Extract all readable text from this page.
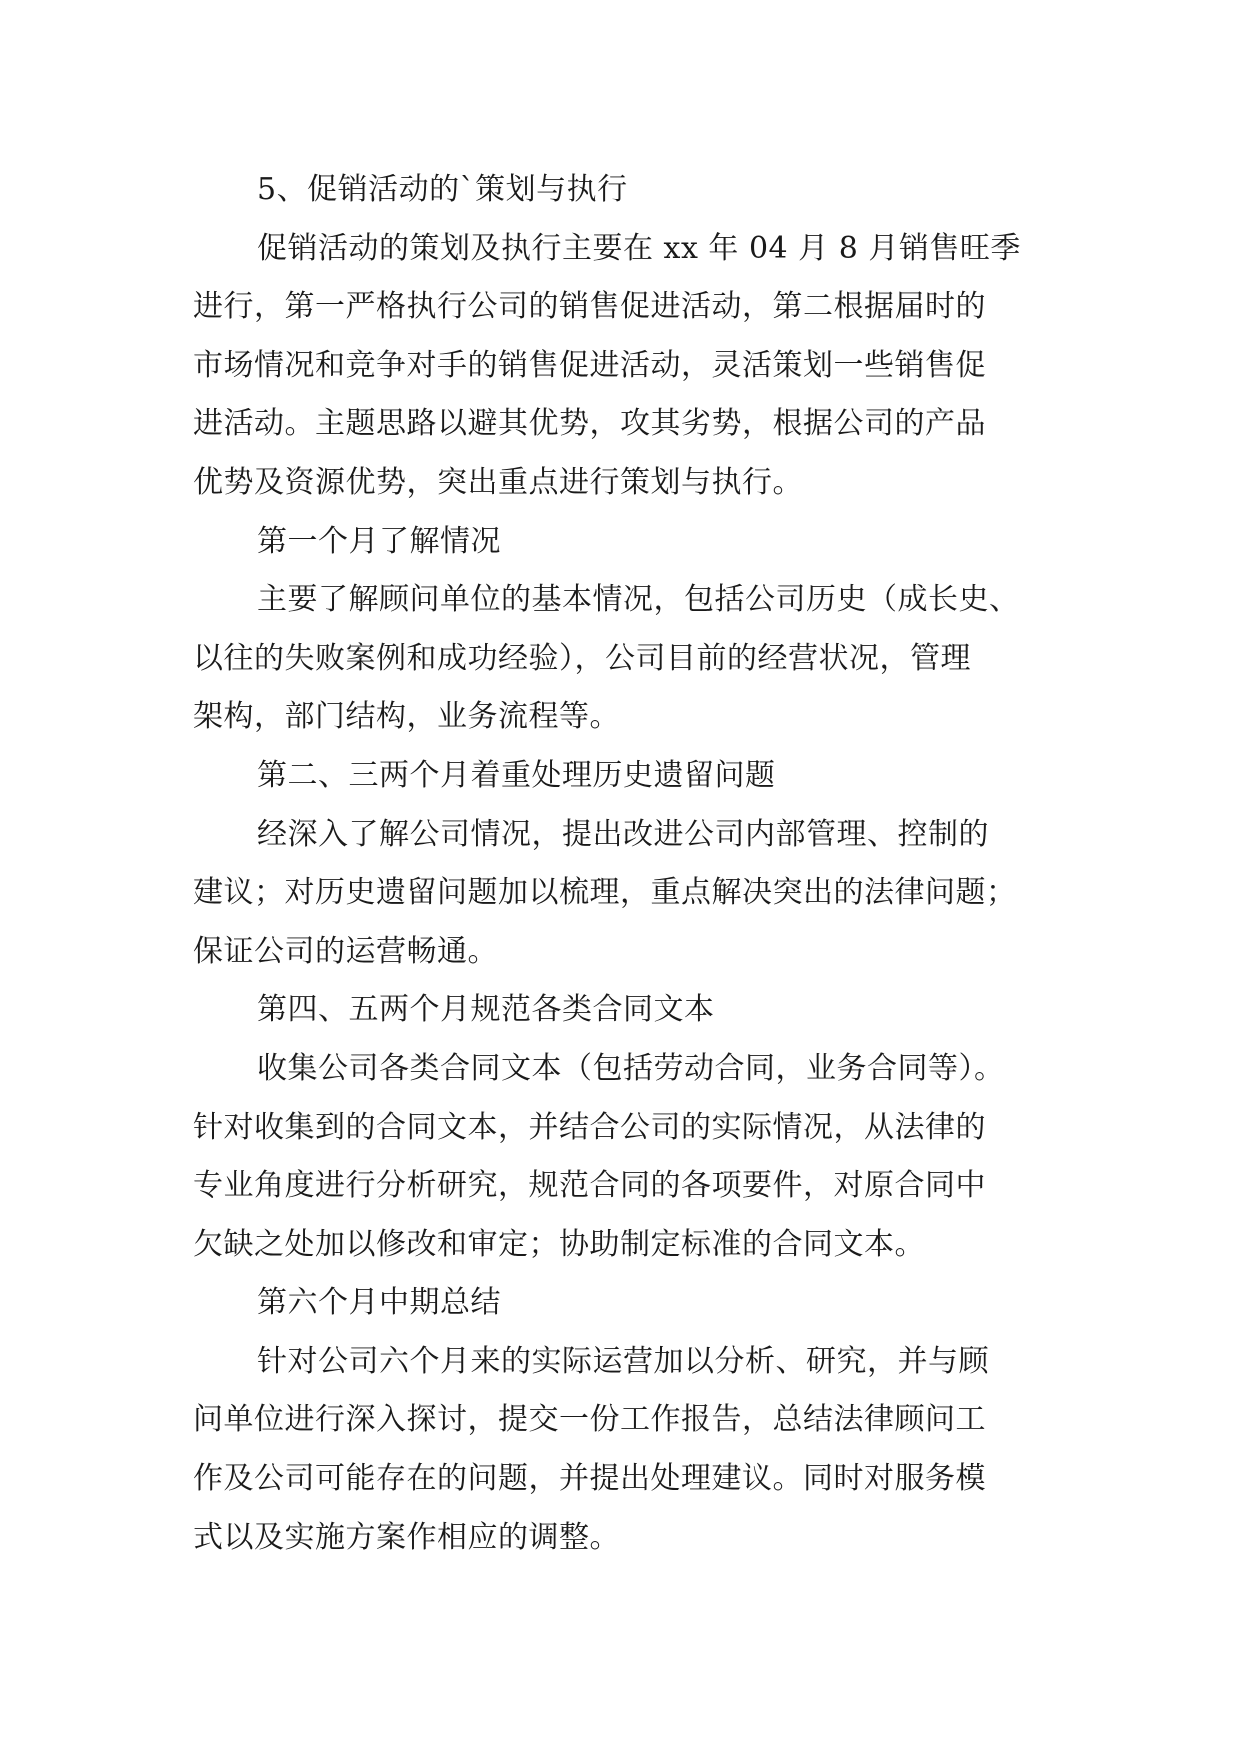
5、促销活动的`策划与执行
促销活动的策划及执行主要在 xx 年 04 月 8 月销售旺季
进行，第一严格执行公司的销售促进活动，第二根据届时的
市场情况和竞争对手的销售促进活动，灵活策划一些销售促
进活动。主题思路以避其优势，攻其劣势，根据公司的产品
优势及资源优势，突出重点进行策划与执行。
第一个月了解情况
主要了解顾问单位的基本情况，包括公司历史（成长史、
以往的失败案例和成功经验），公司目前的经营状况，管理
架构，部门结构，业务流程等。
第二、三两个月着重处理历史遗留问题
经深入了解公司情况，提出改进公司内部管理、控制的
建议；对历史遗留问题加以梳理，重点解决突出的法律问题；
保证公司的运营畅通。
第四、五两个月规范各类合同文本
收集公司各类合同文本（包括劳动合同，业务合同等）。
针对收集到的合同文本，并结合公司的实际情况，从法律的
专业角度进行分析研究，规范合同的各项要件，对原合同中
欠缺之处加以修改和审定；协助制定标准的合同文本。
第六个月中期总结
针对公司六个月来的实际运营加以分析、研究，并与顾
问单位进行深入探讨，提交一份工作报告，总结法律顾问工
作及公司可能存在的问题，并提出处理建议。同时对服务模
式以及实施方案作相应的调整。
